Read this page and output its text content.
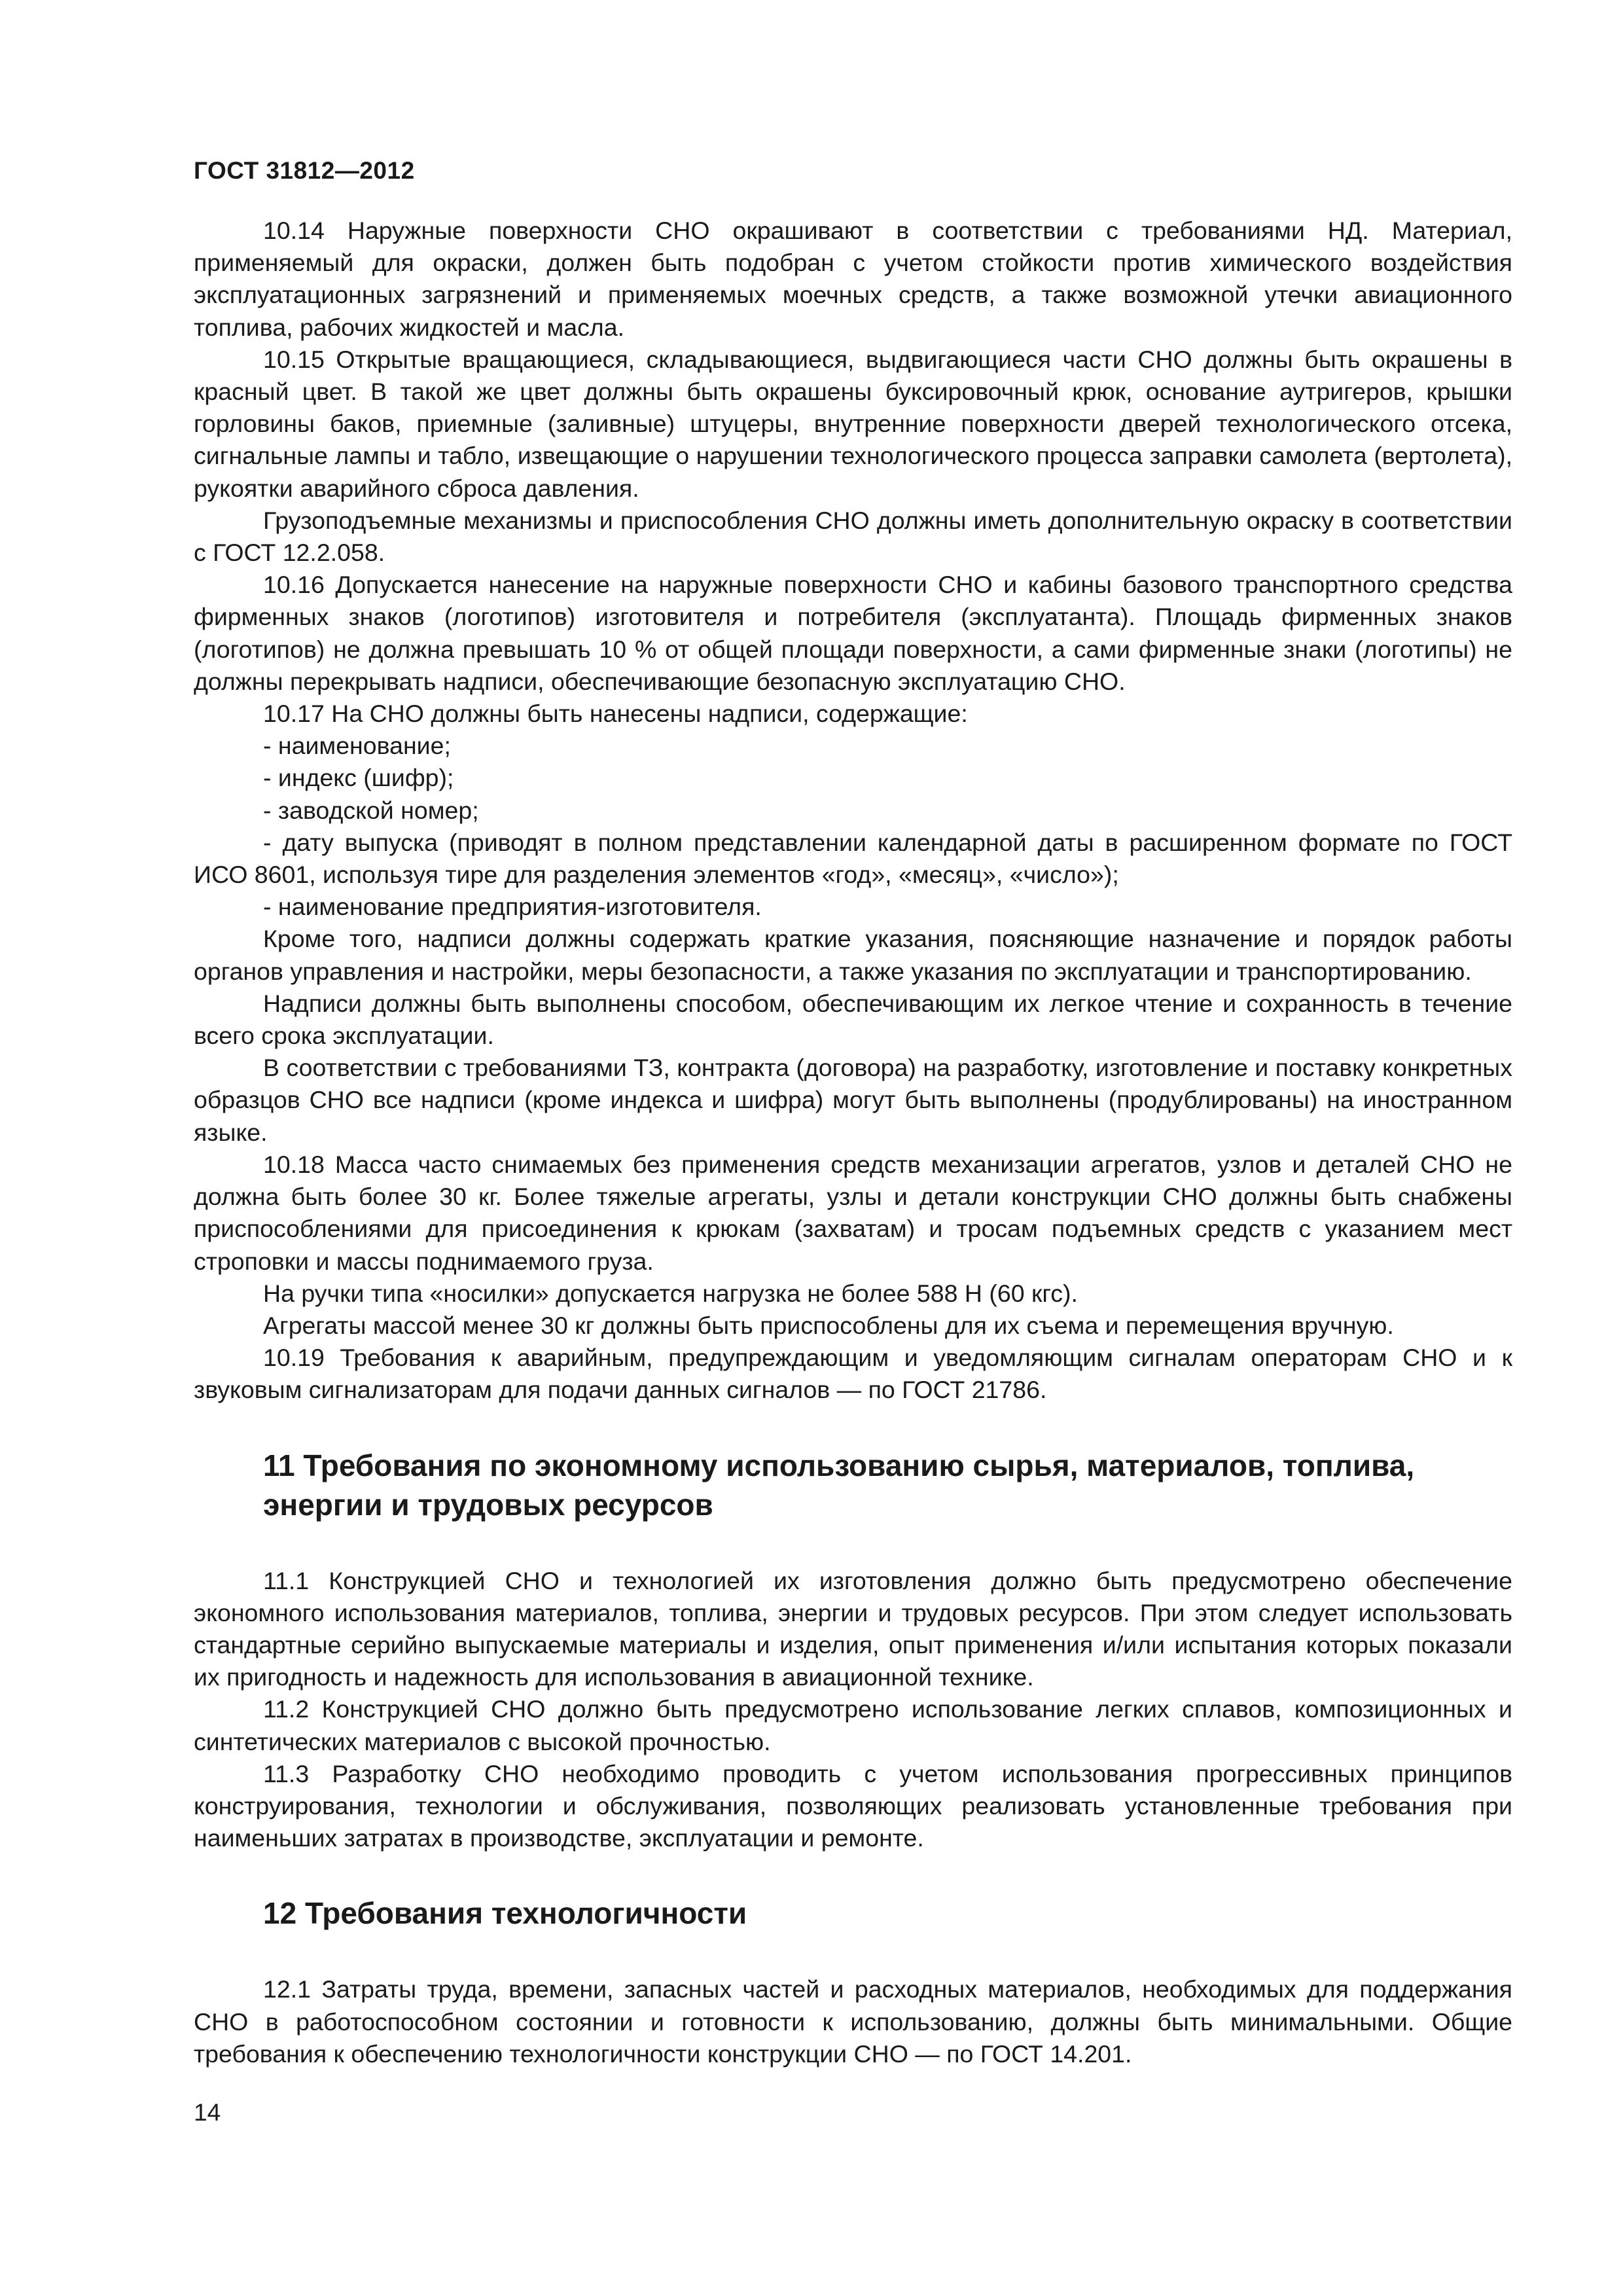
ГОСТ 31812—2012

10.14 Наружные поверхности СНО окрашивают в соответствии с требованиями НД. Материал, применяемый для окраски, должен быть подобран с учетом стойкости против химического воздействия эксплуатационных загрязнений и применяемых моечных средств, а также возможной утечки авиационного топлива, рабочих жидкостей и масла.

10.15 Открытые вращающиеся, складывающиеся, выдвигающиеся части СНО должны быть окрашены в красный цвет. В такой же цвет должны быть окрашены буксировочный крюк, основание аутригеров, крышки горловины баков, приемные (заливные) штуцеры, внутренние поверхности дверей технологического отсека, сигнальные лампы и табло, извещающие о нарушении технологического процесса заправки самолета (вертолета), рукоятки аварийного сброса давления.

Грузоподъемные механизмы и приспособления СНО должны иметь дополнительную окраску в соответствии с ГОСТ 12.2.058.

10.16 Допускается нанесение на наружные поверхности СНО и кабины базового транспортного средства фирменных знаков (логотипов) изготовителя и потребителя (эксплуатанта). Площадь фирменных знаков (логотипов) не должна превышать 10 % от общей площади поверхности, а сами фирменные знаки (логотипы) не должны перекрывать надписи, обеспечивающие безопасную эксплуатацию СНО.

10.17 На СНО должны быть нанесены надписи, содержащие:

- наименование;

- индекс (шифр);

- заводской номер;

- дату выпуска (приводят в полном представлении календарной даты в расширенном формате по ГОСТ ИСО 8601, используя тире для разделения элементов «год», «месяц», «число»);

- наименование предприятия-изготовителя.

Кроме того, надписи должны содержать краткие указания, поясняющие назначение и порядок работы органов управления и настройки, меры безопасности, а также указания по эксплуатации и транспортированию.

Надписи должны быть выполнены способом, обеспечивающим их легкое чтение и сохранность в течение всего срока эксплуатации.

В соответствии с требованиями ТЗ, контракта (договора) на разработку, изготовление и поставку конкретных образцов СНО все надписи (кроме индекса и шифра) могут быть выполнены (продублированы) на иностранном языке.

10.18 Масса часто снимаемых без применения средств механизации агрегатов, узлов и деталей СНО не должна быть более 30 кг. Более тяжелые агрегаты, узлы и детали конструкции СНО должны быть снабжены приспособлениями для присоединения к крюкам (захватам) и тросам подъемных средств с указанием мест строповки и массы поднимаемого груза.

На ручки типа «носилки» допускается нагрузка не более 588 Н (60 кгс).

Агрегаты массой менее 30 кг должны быть приспособлены для их съема и перемещения вручную.

10.19 Требования к аварийным, предупреждающим и уведомляющим сигналам операторам СНО и к звуковым сигнализаторам для подачи данных сигналов — по ГОСТ 21786.

11 Требования по экономному использованию сырья, материалов, топлива, энергии и трудовых ресурсов

11.1 Конструкцией СНО и технологией их изготовления должно быть предусмотрено обеспечение экономного использования материалов, топлива, энергии и трудовых ресурсов. При этом следует использовать стандартные серийно выпускаемые материалы и изделия, опыт применения и/или испытания которых показали их пригодность и надежность для использования в авиационной технике.

11.2 Конструкцией СНО должно быть предусмотрено использование легких сплавов, композиционных и синтетических материалов с высокой прочностью.

11.3 Разработку СНО необходимо проводить с учетом использования прогрессивных принципов конструирования, технологии и обслуживания, позволяющих реализовать установленные требования при наименьших затратах в производстве, эксплуатации и ремонте.

12 Требования технологичности

12.1 Затраты труда, времени, запасных частей и расходных материалов, необходимых для поддержания СНО в работоспособном состоянии и готовности к использованию, должны быть минимальными. Общие требования к обеспечению технологичности конструкции СНО — по ГОСТ 14.201.

14
